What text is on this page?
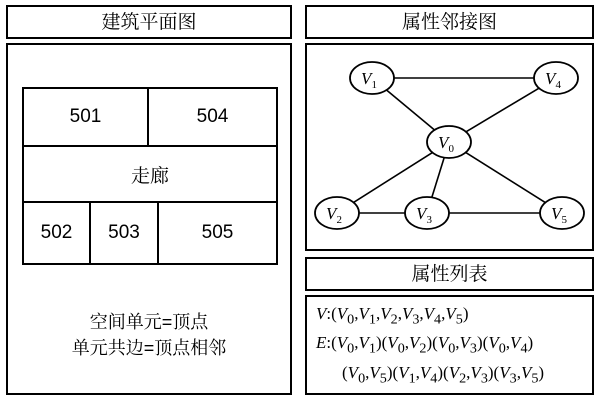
建筑平面图
501	504
走廊
502	503	505
空间单元=顶点
单元共边=顶点相邻
属性邻接图
$V_0$
$V_1$	$V_4$
$V_2$	$V_3$	$V_5$
属性列表
$V:(V_0,V_1,V_2,V_3,V_4,V_5)$
$E:(V_0,V_1)(V_0,V_2)(V_0,V_3)(V_0,V_4)$
$(V_0,V_5)(V_1,V_4)(V_2,V_3)(V_3,V_5)$
